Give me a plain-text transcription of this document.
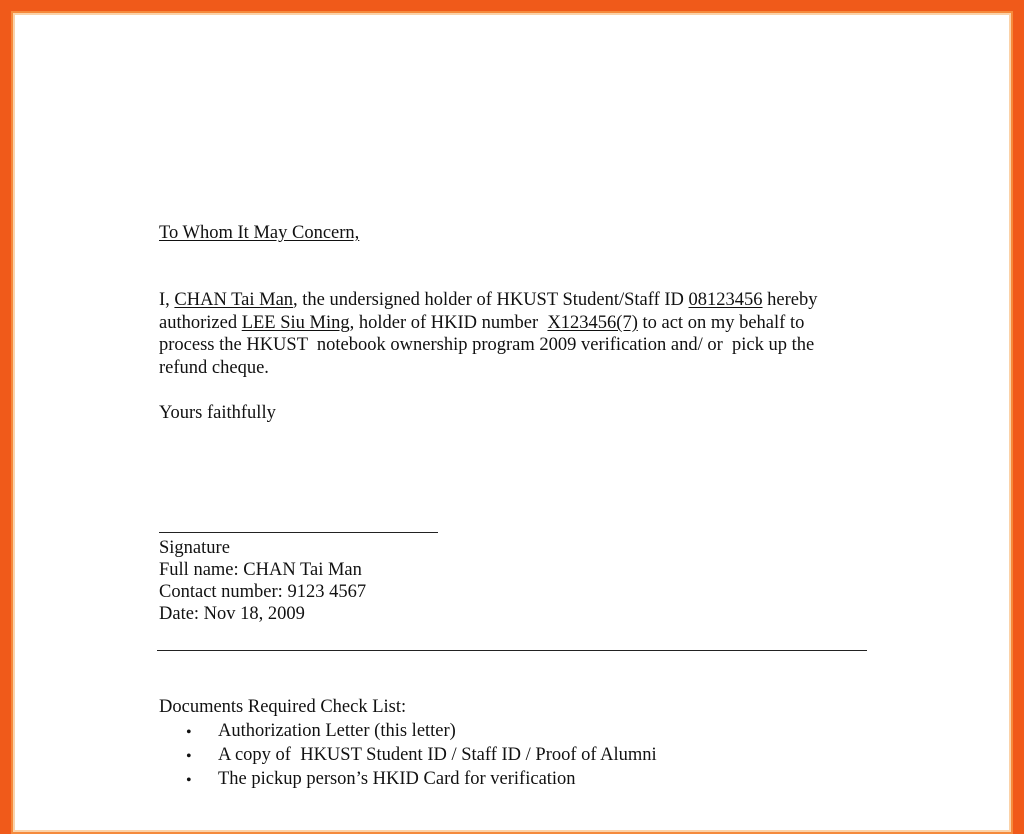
To Whom It May Concern,
I, CHAN Tai Man, the undersigned holder of HKUST Student/Staff ID 08123456 hereby
authorized LEE Siu Ming, holder of HKID number  X123456(7) to act on my behalf to
process the HKUST  notebook ownership program 2009 verification and/ or  pick up the
refund cheque.
Yours faithfully
Signature
Full name: CHAN Tai Man
Contact number: 9123 4567
Date: Nov 18, 2009
Documents Required Check List:
• Authorization Letter (this letter)
• A copy of  HKUST Student ID / Staff ID / Proof of Alumni
• The pickup person’s HKID Card for verification
